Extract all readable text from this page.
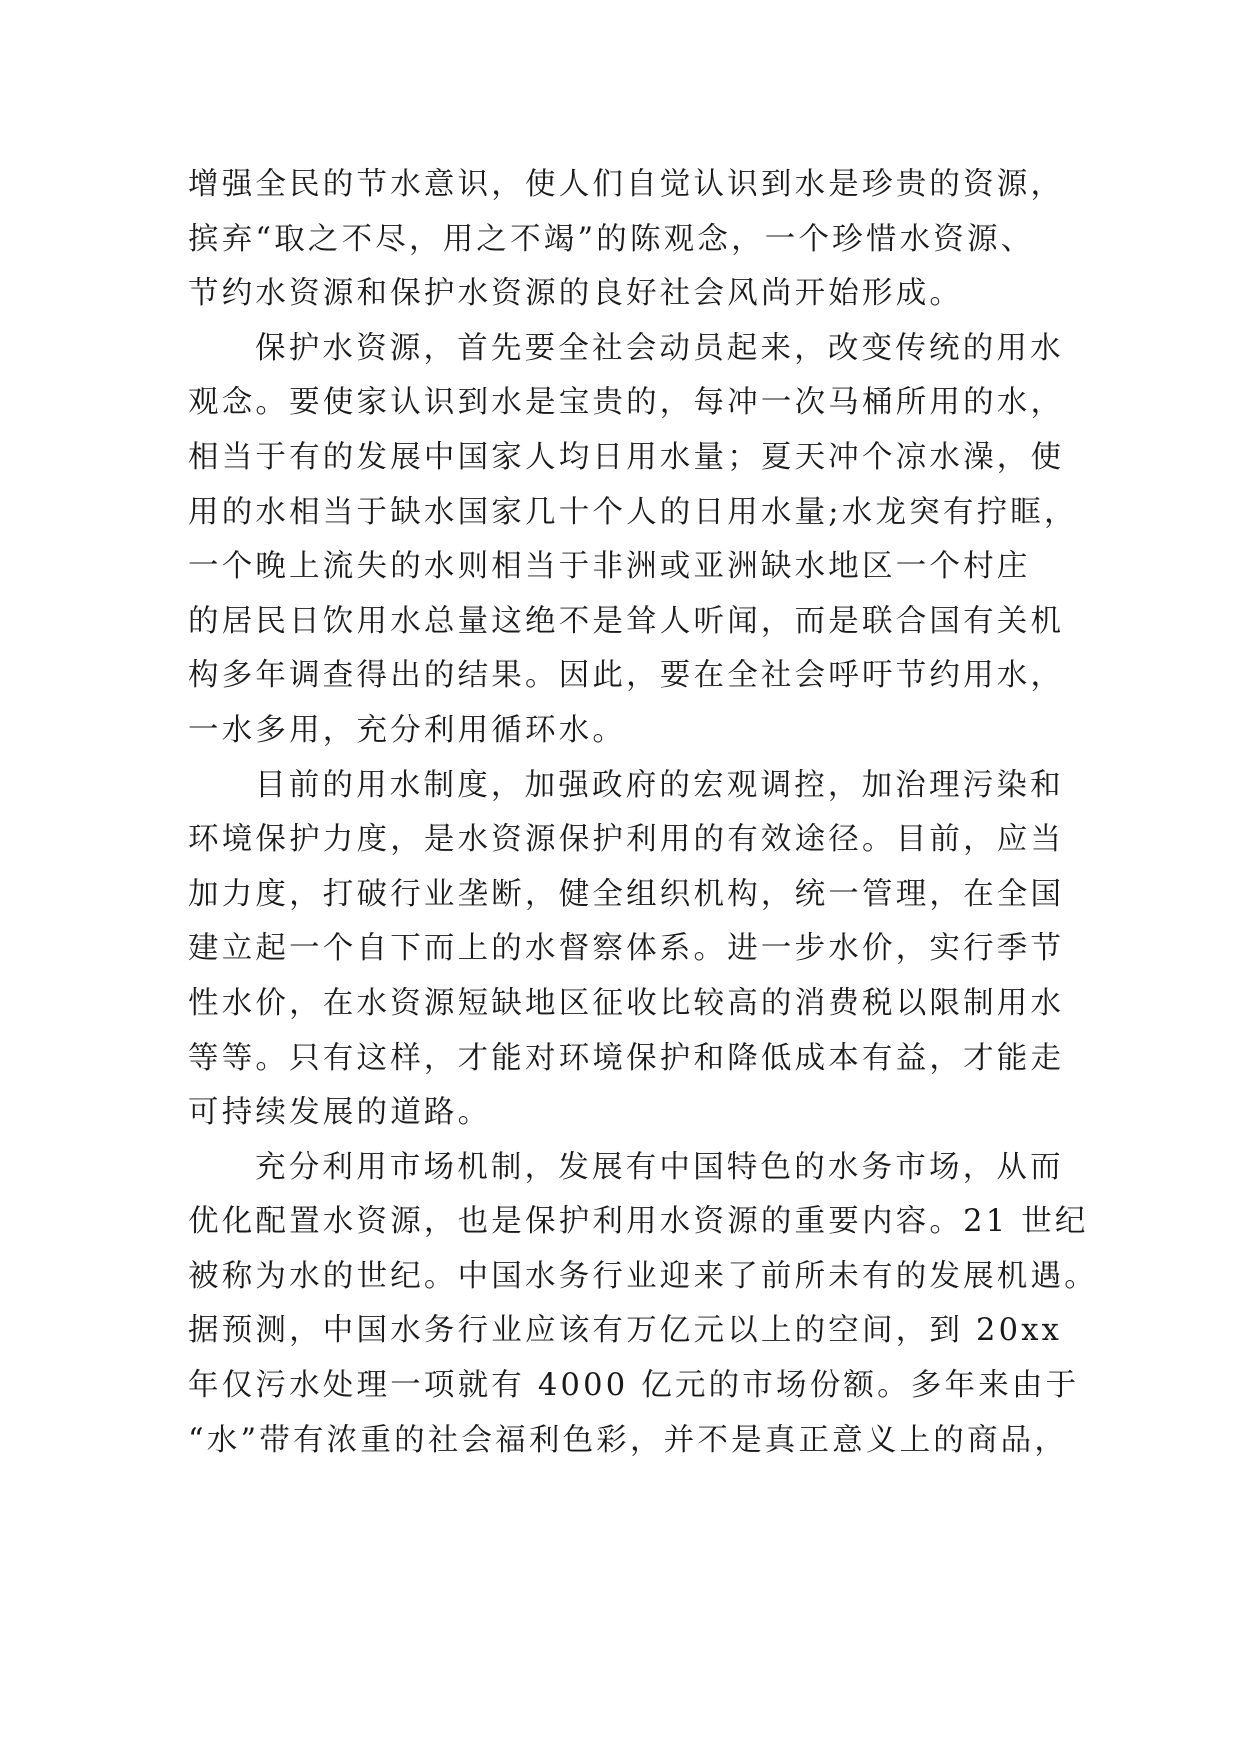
增强全民的节水意识，使人们自觉认识到水是珍贵的资源，
摈弃“取之不尽，用之不竭”的陈观念，一个珍惜水资源、
节约水资源和保护水资源的良好社会风尚开始形成。
保护水资源，首先要全社会动员起来，改变传统的用水
观念。要使家认识到水是宝贵的，每冲一次马桶所用的水，
相当于有的发展中国家人均日用水量；夏天冲个凉水澡，使
用的水相当于缺水国家几十个人的日用水量;水龙突有拧眶，
一个晚上流失的水则相当于非洲或亚洲缺水地区一个村庄
的居民日饮用水总量这绝不是耸人听闻，而是联合国有关机
构多年调查得出的结果。因此，要在全社会呼吁节约用水，
一水多用，充分利用循环水。
目前的用水制度，加强政府的宏观调控，加治理污染和
环境保护力度，是水资源保护利用的有效途径。目前，应当
加力度，打破行业垄断，健全组织机构，统一管理，在全国
建立起一个自下而上的水督察体系。进一步水价，实行季节
性水价，在水资源短缺地区征收比较高的消费税以限制用水
等等。只有这样，才能对环境保护和降低成本有益，才能走
可持续发展的道路。
充分利用市场机制，发展有中国特色的水务市场，从而
优化配置水资源，也是保护利用水资源的重要内容。21 世纪
被称为水的世纪。中国水务行业迎来了前所未有的发展机遇。
据预测，中国水务行业应该有万亿元以上的空间，到 20xx
年仅污水处理一项就有 4000 亿元的市场份额。多年来由于
“水”带有浓重的社会福利色彩，并不是真正意义上的商品，
